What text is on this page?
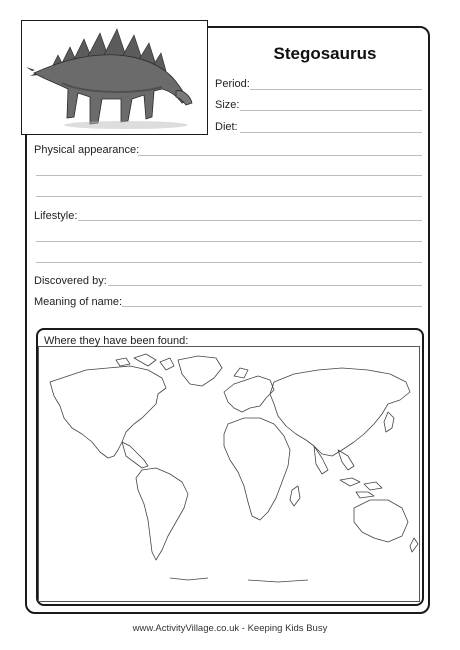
Stegosaurus
Period:
Size:
Diet:
Physical appearance:
Lifestyle:
Discovered by:
Meaning of name:
Where they have been found:
www.ActivityVillage.co.uk - Keeping Kids Busy
